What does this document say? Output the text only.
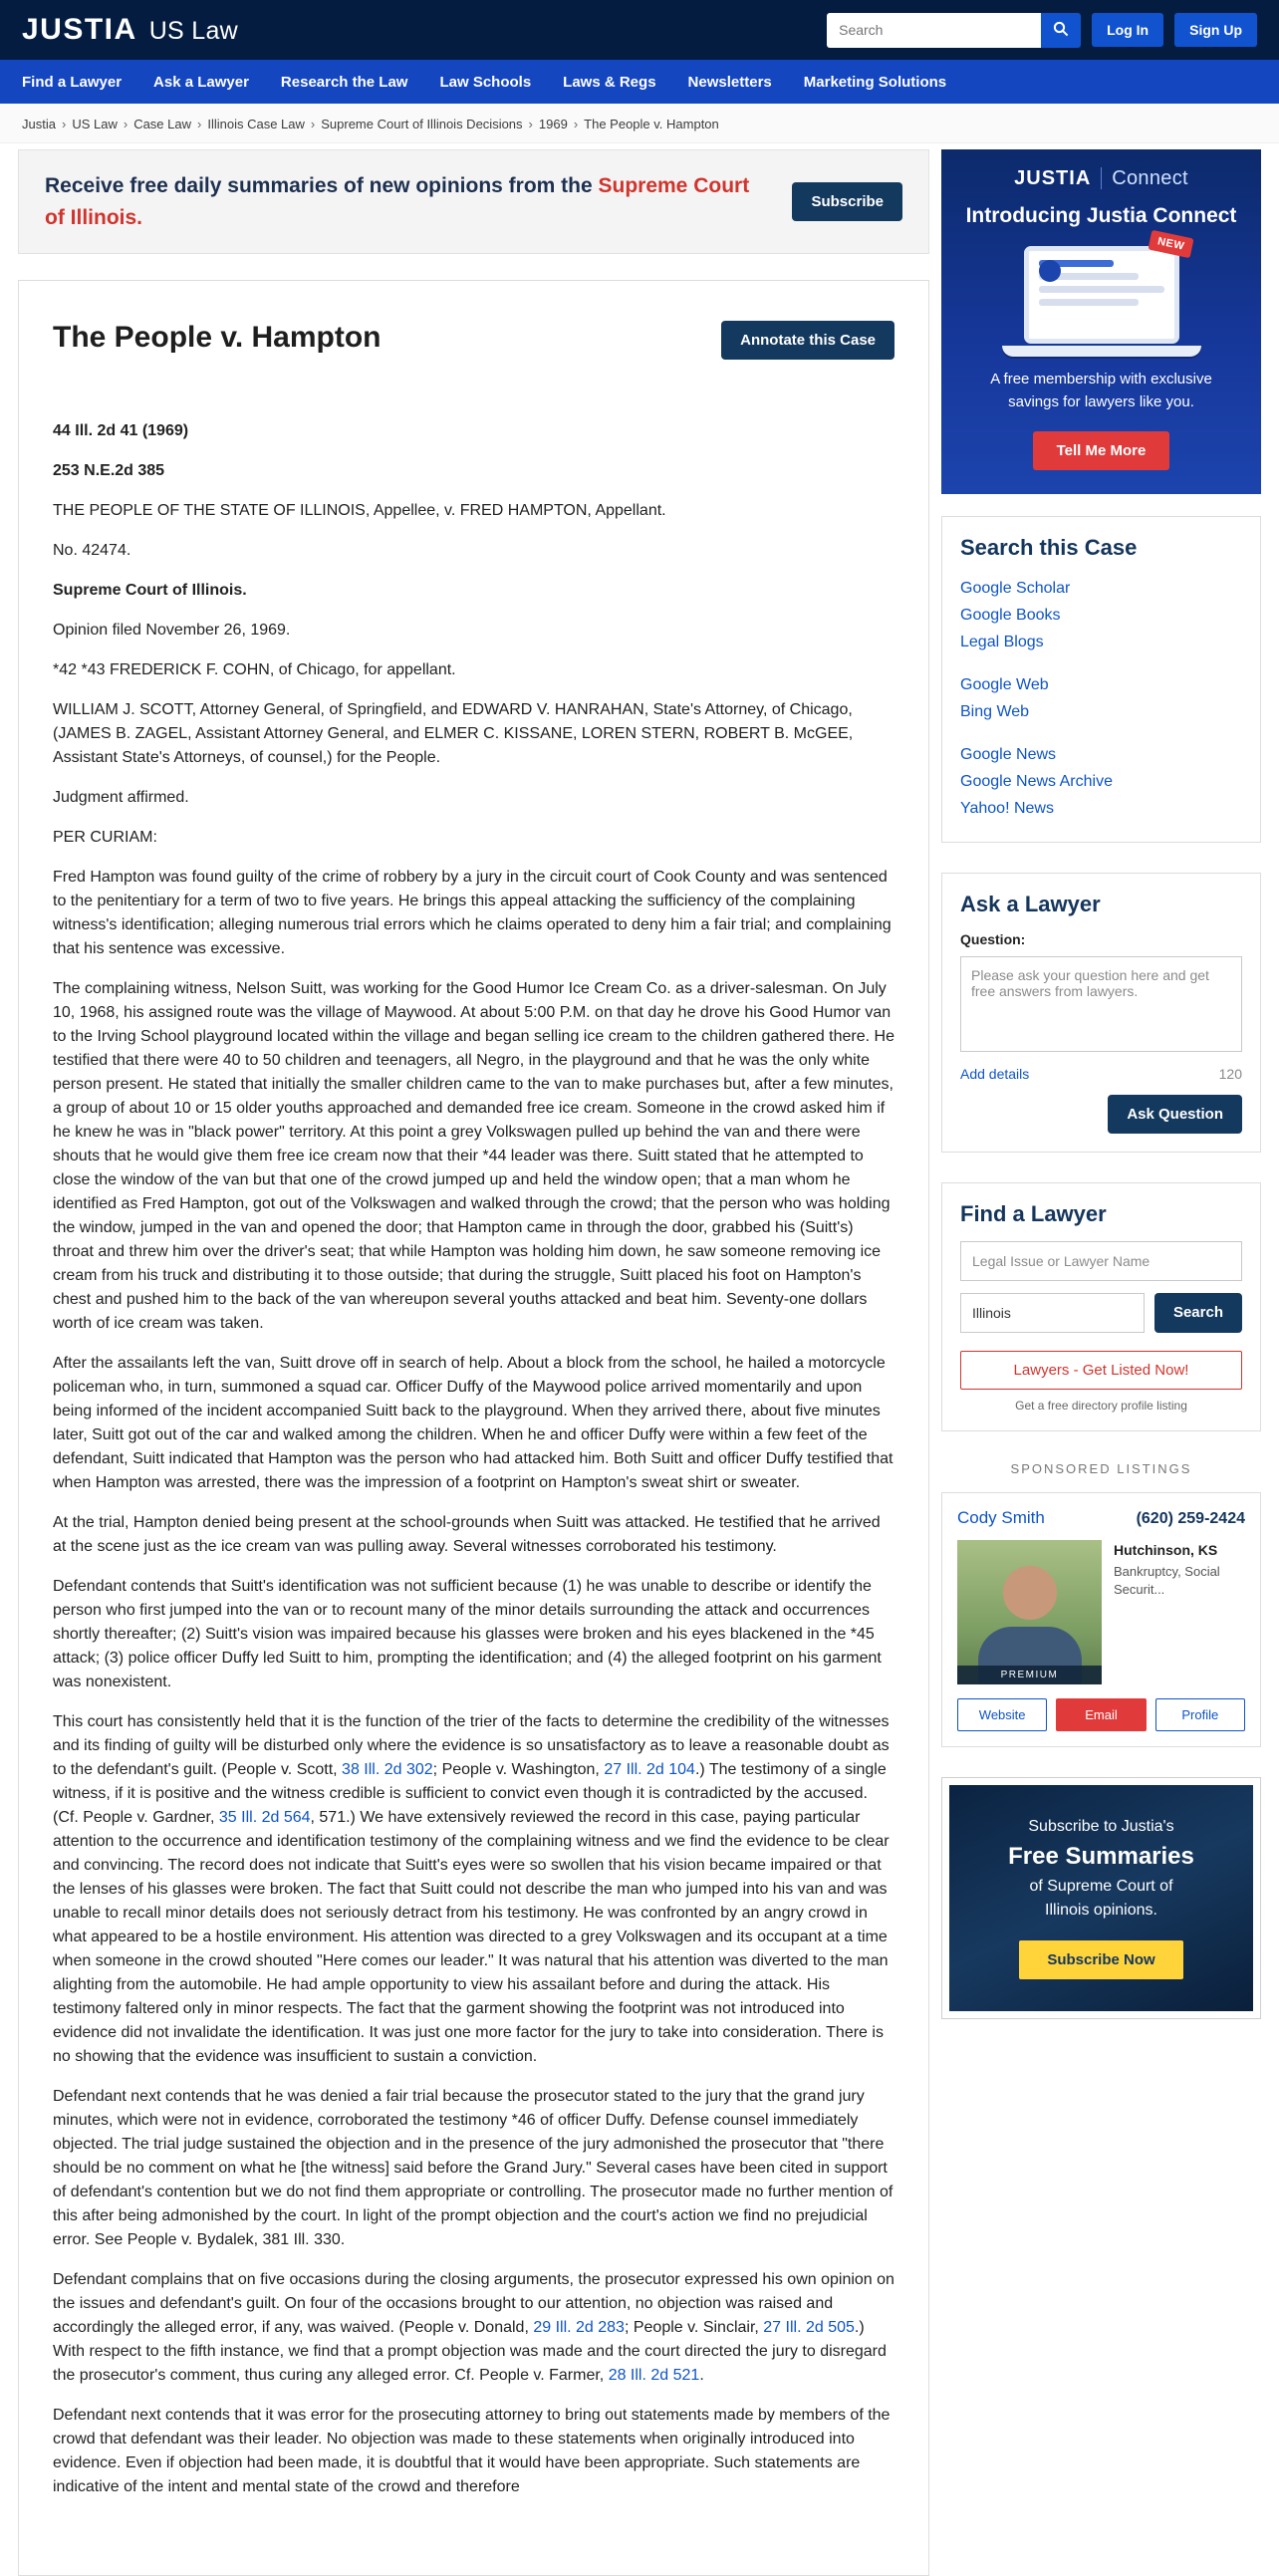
JUSTIA US Law
Search	Log In	Sign Up
Find a Lawyer Ask a Lawyer Research the Law Law Schools Laws & Regs Newsletters Marketing Solutions
Justia › US Law › Case Law › Illinois Case Law › Supreme Court of Illinois Decisions › 1969 › The People v. Hampton
Receive free daily summaries of new opinions from the Supreme Court of Illinois.
Subscribe
The People v. Hampton	Annotate this Case

44 Ill. 2d 41 (1969)

253 N.E.2d 385

THE PEOPLE OF THE STATE OF ILLINOIS, Appellee, v. FRED HAMPTON, Appellant.

No. 42474.

Supreme Court of Illinois.

Opinion filed November 26, 1969.

*42 *43 FREDERICK F. COHN, of Chicago, for appellant.

WILLIAM J. SCOTT, Attorney General, of Springfield, and EDWARD V. HANRAHAN, State's Attorney, of Chicago, (JAMES B. ZAGEL, Assistant Attorney General, and ELMER C. KISSANE, LOREN STERN, ROBERT B. McGEE, Assistant State's Attorneys, of counsel,) for the People.

Judgment affirmed.

PER CURIAM:

Fred Hampton was found guilty of the crime of robbery by a jury in the circuit court of Cook County and was sentenced to the penitentiary for a term of two to five years. He brings this appeal attacking the sufficiency of the complaining witness's identification; alleging numerous trial errors which he claims operated to deny him a fair trial; and complaining that his sentence was excessive.

The complaining witness, Nelson Suitt, was working for the Good Humor Ice Cream Co. as a driver-salesman. On July 10, 1968, his assigned route was the village of Maywood. At about 5:00 P.M. on that day he drove his Good Humor van to the Irving School playground located within the village and began selling ice cream to the children gathered there. He testified that there were 40 to 50 children and teenagers, all Negro, in the playground and that he was the only white person present. He stated that initially the smaller children came to the van to make purchases but, after a few minutes, a group of about 10 or 15 older youths approached and demanded free ice cream. Someone in the crowd asked him if he knew he was in "black power" territory. At this point a grey Volkswagen pulled up behind the van and there were shouts that he would give them free ice cream now that their *44 leader was there. Suitt stated that he attempted to close the window of the van but that one of the crowd jumped up and held the window open; that a man whom he identified as Fred Hampton, got out of the Volkswagen and walked through the crowd; that the person who was holding the window, jumped in the van and opened the door; that Hampton came in through the door, grabbed his (Suitt's) throat and threw him over the driver's seat; that while Hampton was holding him down, he saw someone removing ice cream from his truck and distributing it to those outside; that during the struggle, Suitt placed his foot on Hampton's chest and pushed him to the back of the van whereupon several youths attacked and beat him. Seventy-one dollars worth of ice cream was taken.

After the assailants left the van, Suitt drove off in search of help. About a block from the school, he hailed a motorcycle policeman who, in turn, summoned a squad car. Officer Duffy of the Maywood police arrived momentarily and upon being informed of the incident accompanied Suitt back to the playground. When they arrived there, about five minutes later, Suitt got out of the car and walked among the children. When he and officer Duffy were within a few feet of the defendant, Suitt indicated that Hampton was the person who had attacked him. Both Suitt and officer Duffy testified that when Hampton was arrested, there was the impression of a footprint on Hampton's sweat shirt or sweater.

At the trial, Hampton denied being present at the school-grounds when Suitt was attacked. He testified that he arrived at the scene just as the ice cream van was pulling away. Several witnesses corroborated his testimony.

Defendant contends that Suitt's identification was not sufficient because (1) he was unable to describe or identify the person who first jumped into the van or to recount many of the minor details surrounding the attack and occurrences shortly thereafter; (2) Suitt's vision was impaired because his glasses were broken and his eyes blackened in the *45 attack; (3) police officer Duffy led Suitt to him, prompting the identification; and (4) the alleged footprint on his garment was nonexistent.

This court has consistently held that it is the function of the trier of the facts to determine the credibility of the witnesses and its finding of guilty will be disturbed only where the evidence is so unsatisfactory as to leave a reasonable doubt as to the defendant's guilt. (People v. Scott, 38 Ill. 2d 302; People v. Washington, 27 Ill. 2d 104.) The testimony of a single witness, if it is positive and the witness credible is sufficient to convict even though it is contradicted by the accused. (Cf. People v. Gardner, 35 Ill. 2d 564, 571.) We have extensively reviewed the record in this case, paying particular attention to the occurrence and identification testimony of the complaining witness and we find the evidence to be clear and convincing. The record does not indicate that Suitt's eyes were so swollen that his vision became impaired or that the lenses of his glasses were broken. The fact that Suitt could not describe the man who jumped into his van and was unable to recall minor details does not seriously detract from his testimony. He was confronted by an angry crowd in what appeared to be a hostile environment. His attention was directed to a grey Volkswagen and its occupant at a time when someone in the crowd shouted "Here comes our leader." It was natural that his attention was diverted to the man alighting from the automobile. He had ample opportunity to view his assailant before and during the attack. His testimony faltered only in minor respects. The fact that the garment showing the footprint was not introduced into evidence did not invalidate the identification. It was just one more factor for the jury to take into consideration. There is no showing that the evidence was insufficient to sustain a conviction.

Defendant next contends that he was denied a fair trial because the prosecutor stated to the jury that the grand jury minutes, which were not in evidence, corroborated the testimony *46 of officer Duffy. Defense counsel immediately objected. The trial judge sustained the objection and in the presence of the jury admonished the prosecutor that "there should be no comment on what he [the witness] said before the Grand Jury." Several cases have been cited in support of defendant's contention but we do not find them appropriate or controlling. The prosecutor made no further mention of this after being admonished by the court. In light of the prompt objection and the court's action we find no prejudicial error. See People v. Bydalek, 381 Ill. 330.

Defendant complains that on five occasions during the closing arguments, the prosecutor expressed his own opinion on the issues and defendant's guilt. On four of the occasions brought to our attention, no objection was raised and accordingly the alleged error, if any, was waived. (People v. Donald, 29 Ill. 2d 283; People v. Sinclair, 27 Ill. 2d 505.) With respect to the fifth instance, we find that a prompt objection was made and the court directed the jury to disregard the prosecutor's comment, thus curing any alleged error. Cf. People v. Farmer, 28 Ill. 2d 521.

Defendant next contends that it was error for the prosecuting attorney to bring out statements made by members of the crowd that defendant was their leader. No objection was made to these statements when originally introduced into evidence. Even if objection had been made, it is doubtful that it would have been appropriate. Such statements are indicative of the intent and mental state of the crowd and therefore

JUSTIA Connect
Introducing Justia Connect
NEW
A free membership with exclusive savings for lawyers like you.
Tell Me More
Search this Case
Google Scholar
Google Books
Legal Blogs
Google Web
Bing Web
Google News
Google News Archive
Yahoo! News
Ask a Lawyer
Question:
Please ask your question here and get free answers from lawyers.
Add details	120
Ask Question
Find a Lawyer
Legal Issue or Lawyer Name
Illinois
Search
Lawyers - Get Listed Now!
Get a free directory profile listing
SPONSORED LISTINGS
Cody Smith	(620) 259-2424
PREMIUM
Hutchinson, KS
Bankruptcy, Social Securit...
Website	Email	Profile
Subscribe to Justia's
Free Summaries
of Supreme Court of
Illinois opinions.
Subscribe Now
